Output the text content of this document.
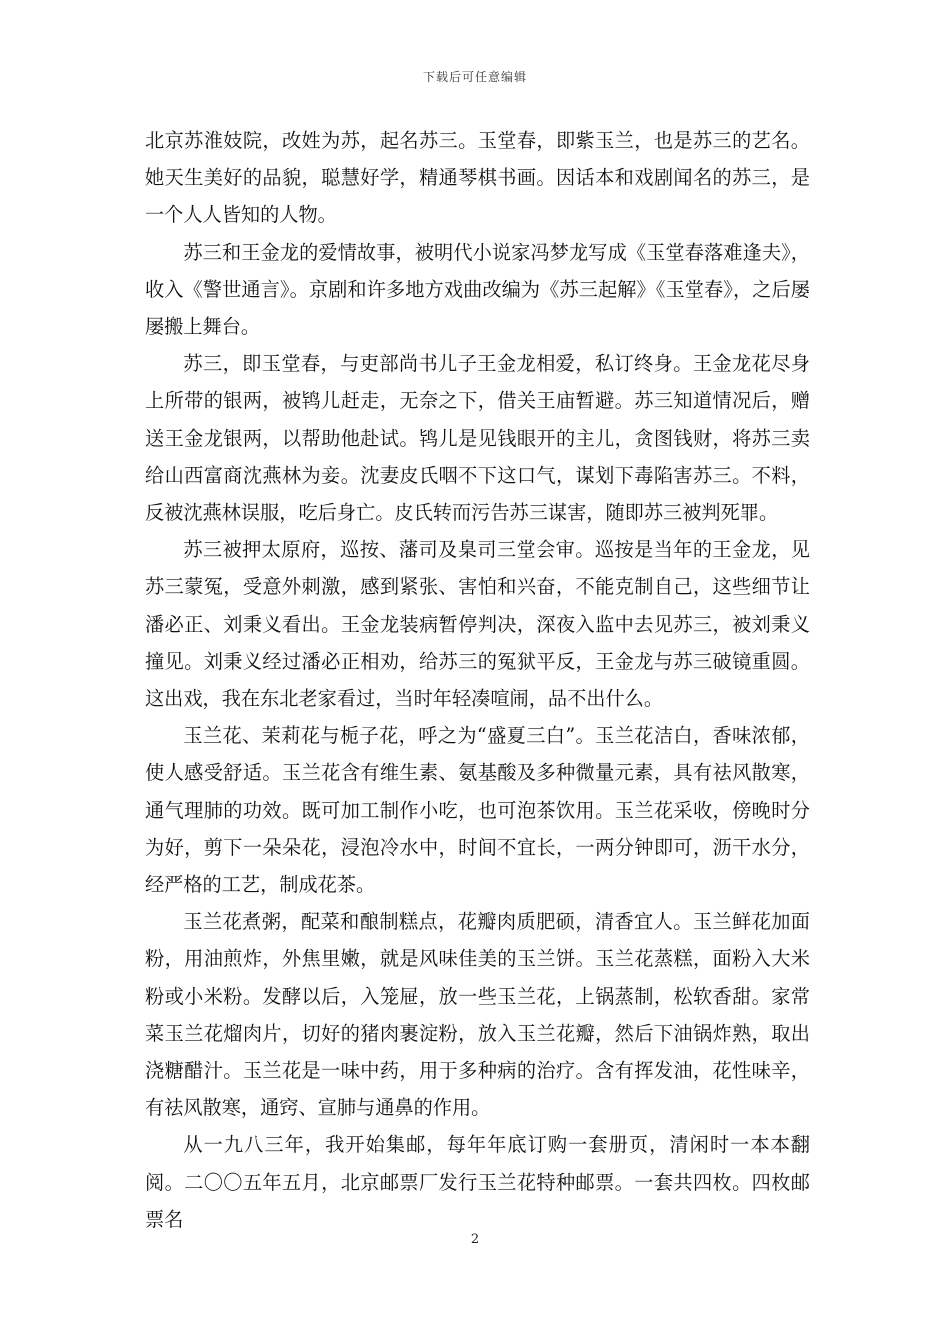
下载后可任意编辑

北京苏淮妓院，改姓为苏，起名苏三。玉堂春，即紫玉兰，也是苏三的艺名。她天生美好的品貌，聪慧好学，精通琴棋书画。因话本和戏剧闻名的苏三，是一个人人皆知的人物。

苏三和王金龙的爱情故事，被明代小说家冯梦龙写成《玉堂春落难逢夫》，收入《警世通言》。京剧和许多地方戏曲改编为《苏三起解》《玉堂春》，之后屡屡搬上舞台。

苏三，即玉堂春，与吏部尚书儿子王金龙相爱，私订终身。王金龙花尽身上所带的银两，被鸨儿赶走，无奈之下，借关王庙暂避。苏三知道情况后，赠送王金龙银两，以帮助他赴试。鸨儿是见钱眼开的主儿，贪图钱财，将苏三卖给山西富商沈燕林为妾。沈妻皮氏咽不下这口气，谋划下毒陷害苏三。不料，反被沈燕林误服，吃后身亡。皮氏转而污告苏三谋害，随即苏三被判死罪。

苏三被押太原府，巡按、藩司及臬司三堂会审。巡按是当年的王金龙，见苏三蒙冤，受意外刺激，感到紧张、害怕和兴奋，不能克制自己，这些细节让潘必正、刘秉义看出。王金龙装病暂停判决，深夜入监中去见苏三，被刘秉义撞见。刘秉义经过潘必正相劝，给苏三的冤狱平反，王金龙与苏三破镜重圆。这出戏，我在东北老家看过，当时年轻凑喧闹，品不出什么。

玉兰花、茉莉花与栀子花，呼之为“盛夏三白”。玉兰花洁白，香味浓郁，使人感受舒适。玉兰花含有维生素、氨基酸及多种微量元素，具有祛风散寒，通气理肺的功效。既可加工制作小吃，也可泡茶饮用。玉兰花采收，傍晚时分为好，剪下一朵朵花，浸泡冷水中，时间不宜长，一两分钟即可，沥干水分，经严格的工艺，制成花茶。

玉兰花煮粥，配菜和酿制糕点，花瓣肉质肥硕，清香宜人。玉兰鲜花加面粉，用油煎炸，外焦里嫩，就是风味佳美的玉兰饼。玉兰花蒸糕，面粉入大米粉或小米粉。发酵以后，入笼屉，放一些玉兰花，上锅蒸制，松软香甜。家常菜玉兰花熘肉片，切好的猪肉裹淀粉，放入玉兰花瓣，然后下油锅炸熟，取出浇糖醋汁。玉兰花是一味中药，用于多种病的治疗。含有挥发油，花性味辛，有祛风散寒，通窍、宣肺与通鼻的作用。

从一九八三年，我开始集邮，每年年底订购一套册页，清闲时一本本翻阅。二〇〇五年五月，北京邮票厂发行玉兰花特种邮票。一套共四枚。四枚邮票名

2
